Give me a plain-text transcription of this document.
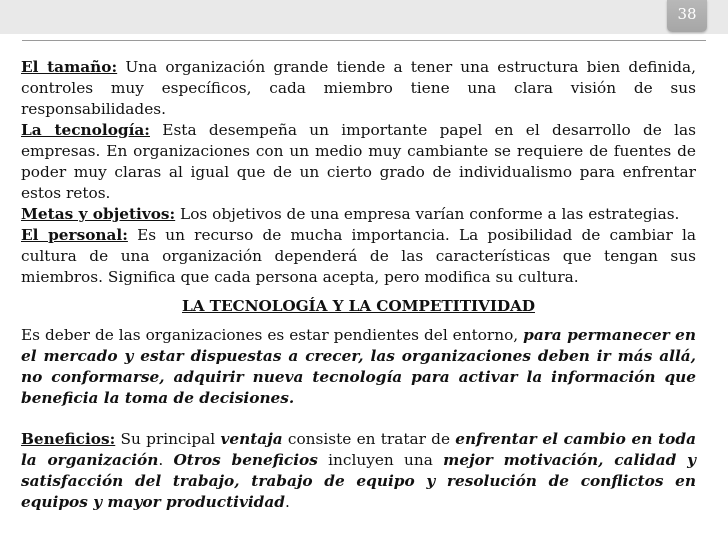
38

El tamaño: Una organización grande tiende a tener una estructura bien definida, controles muy específicos, cada miembro tiene una clara visión de sus responsabilidades.

La tecnología: Esta desempeña un importante papel en el desarrollo de las empresas. En organizaciones con un medio muy cambiante se requiere de fuentes de poder muy claras al igual que de un cierto grado de individualismo para enfrentar estos retos.

Metas y objetivos: Los objetivos de una empresa varían conforme a las estrategias.

El personal: Es un recurso de mucha importancia. La posibilidad de cambiar la cultura de una organización dependerá de las características que tengan sus miembros. Significa que cada persona acepta, pero modifica su cultura.

LA TECNOLOGÍA Y LA COMPETITIVIDAD

Es deber de las organizaciones es estar pendientes del entorno, para permanecer en el mercado y estar dispuestas a crecer, las organizaciones deben ir más allá, no conformarse, adquirir nueva tecnología para activar la información que beneficia la toma de decisiones.

Beneficios: Su principal ventaja consiste en tratar de enfrentar el cambio en toda la organización. Otros beneficios incluyen una mejor motivación, calidad y satisfacción del trabajo, trabajo de equipo y resolución de conflictos en equipos y mayor productividad.
